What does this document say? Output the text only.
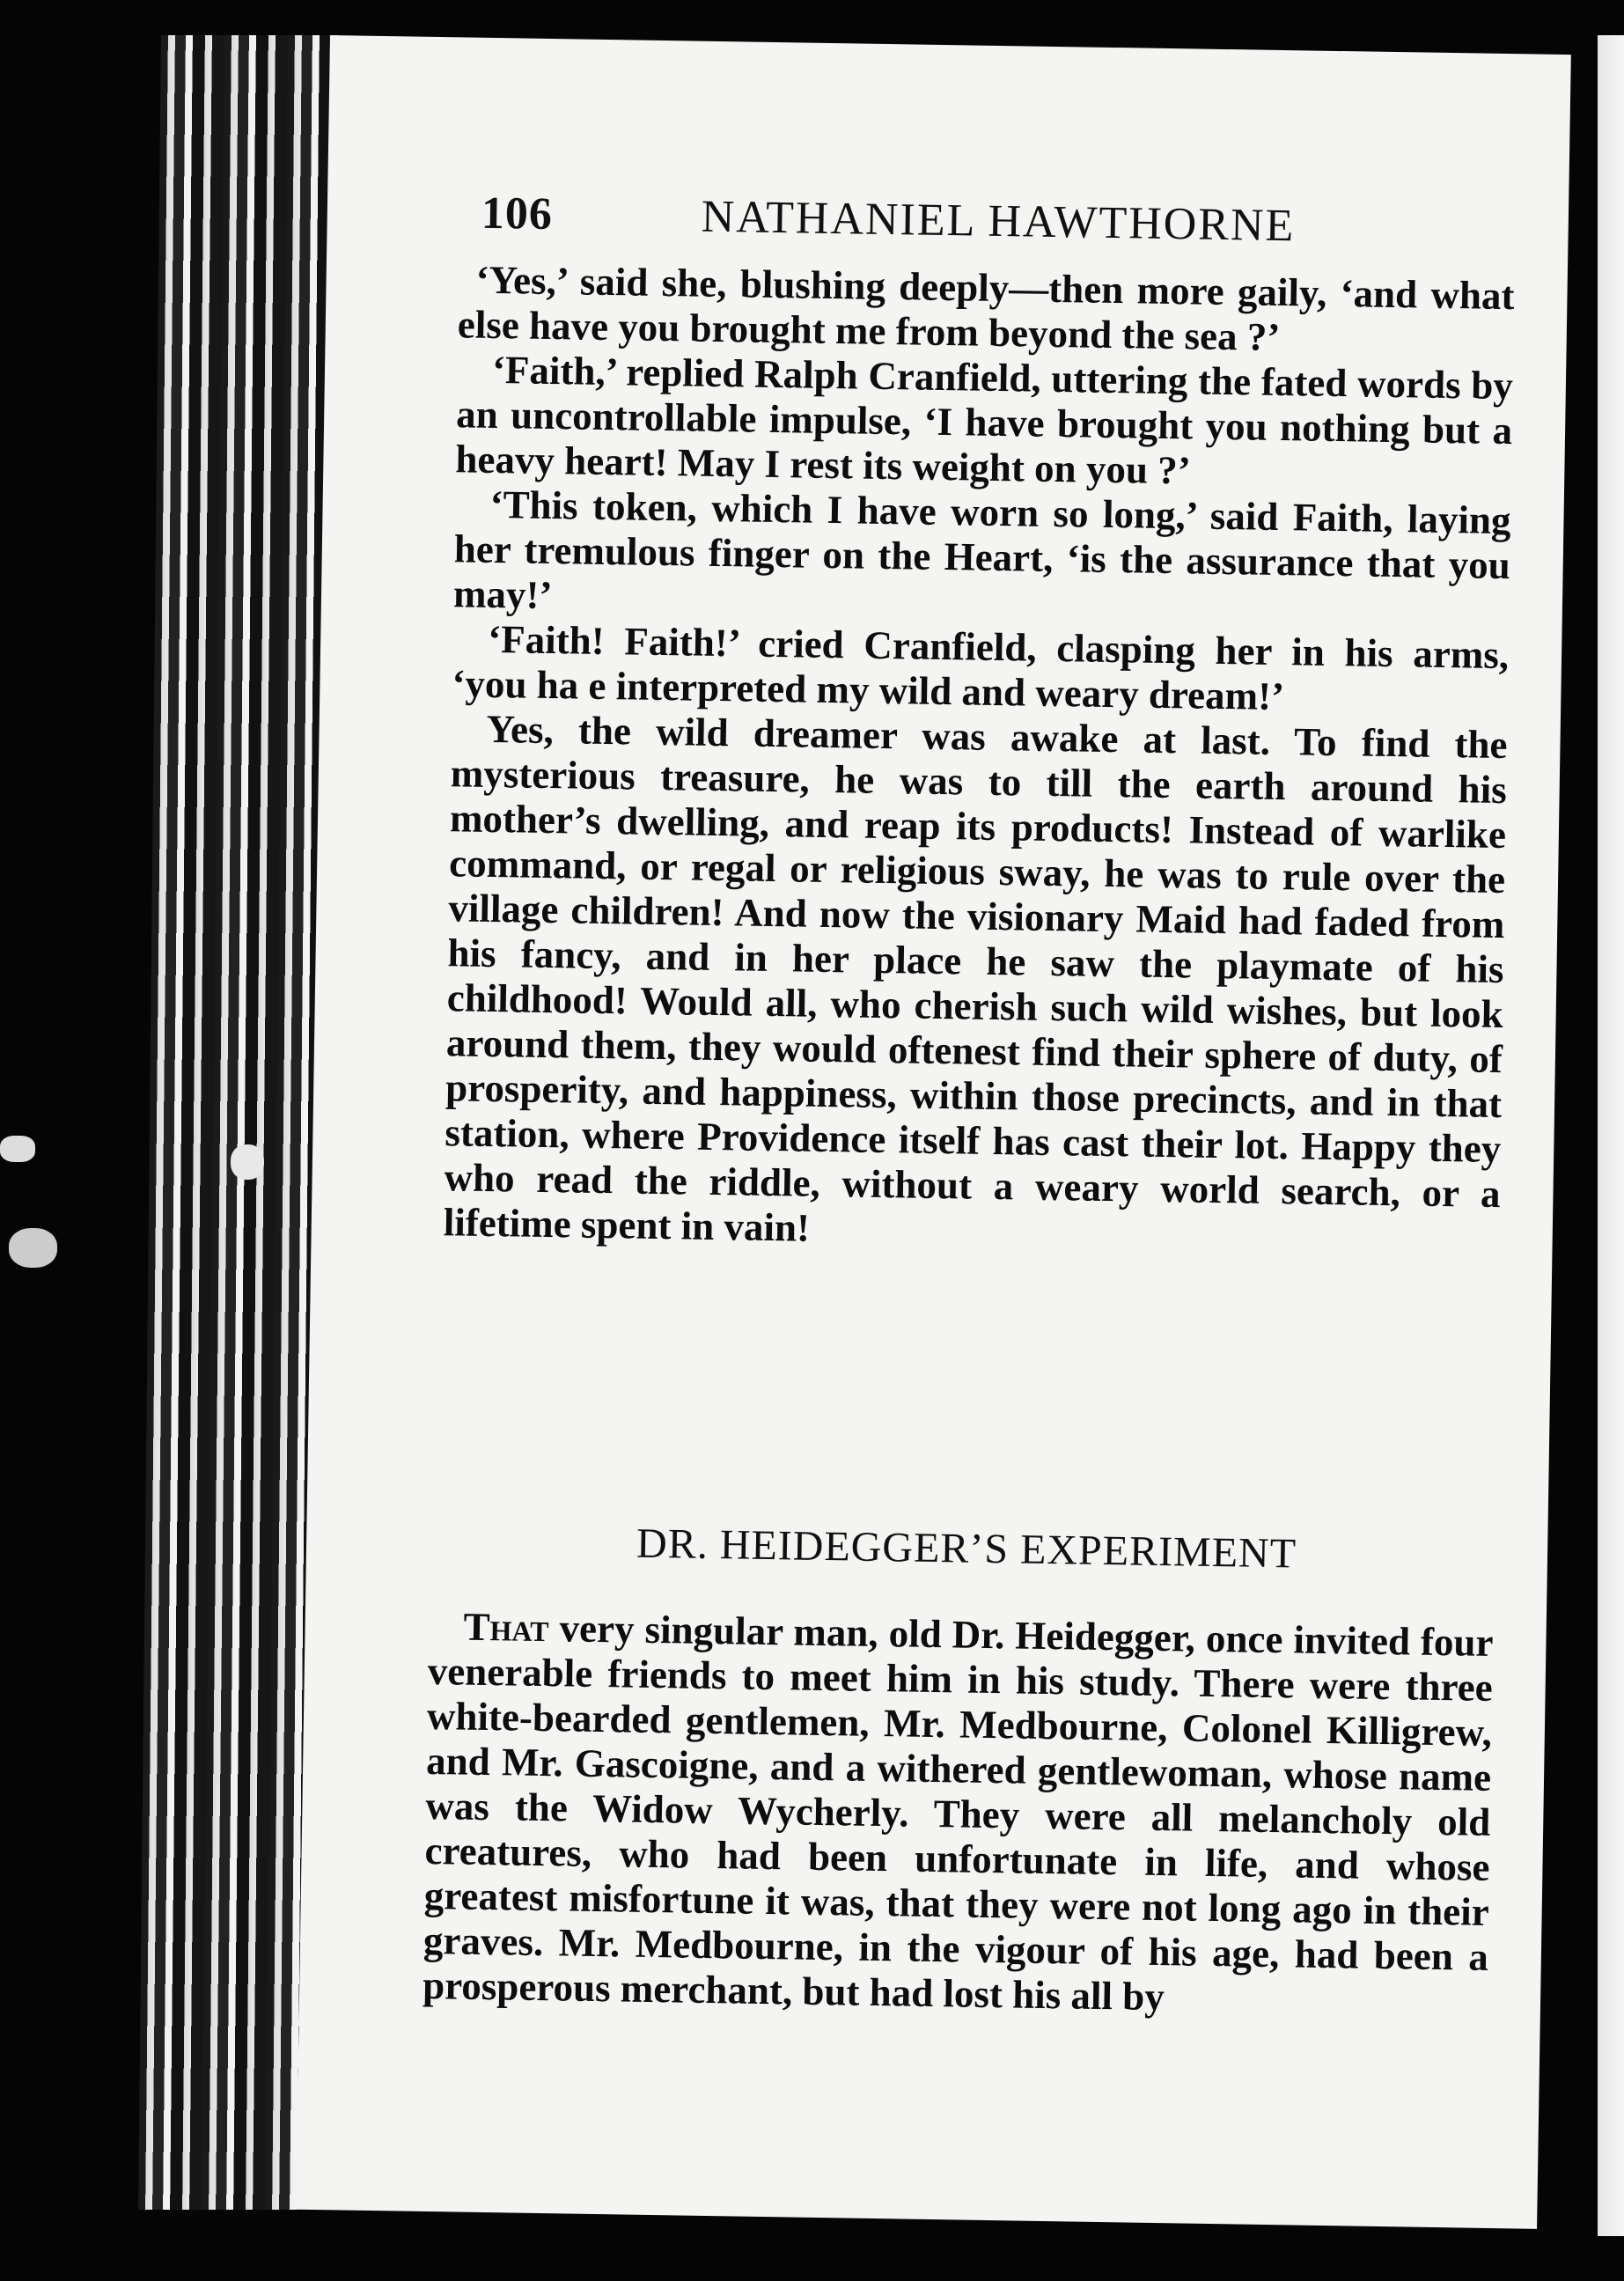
106	NATHANIEL HAWTHORNE

‘Yes,’ said she, blushing deeply—then more gaily, ‘and what else have you brought me from beyond the sea ?’

‘Faith,’ replied Ralph Cranfield, uttering the fated words by an uncontrollable impulse, ‘I have brought you nothing but a heavy heart! May I rest its weight on you ?’

‘This token, which I have worn so long,’ said Faith, laying her tremulous finger on the Heart, ‘is the assurance that you may!’

‘Faith! Faith!’ cried Cranfield, clasping her in his arms, ‘you ha e interpreted my wild and weary dream!’

Yes, the wild dreamer was awake at last. To find the mysterious treasure, he was to till the earth around his mother’s dwelling, and reap its products! Instead of warlike command, or regal or religious sway, he was to rule over the village children! And now the visionary Maid had faded from his fancy, and in her place he saw the playmate of his childhood! Would all, who cherish such wild wishes, but look around them, they would oftenest find their sphere of duty, of prosperity, and happiness, within those precincts, and in that station, where Providence itself has cast their lot. Happy they who read the riddle, without a weary world search, or a lifetime spent in vain!

DR. HEIDEGGER’S EXPERIMENT

That very singular man, old Dr. Heidegger, once invited four venerable friends to meet him in his study. There were three white-bearded gentlemen, Mr. Medbourne, Colonel Killigrew, and Mr. Gascoigne, and a withered gentlewoman, whose name was the Widow Wycherly. They were all melancholy old creatures, who had been unfortunate in life, and whose greatest misfortune it was, that they were not long ago in their graves. Mr. Medbourne, in the vigour of his age, had been a prosperous merchant, but had lost his all by
